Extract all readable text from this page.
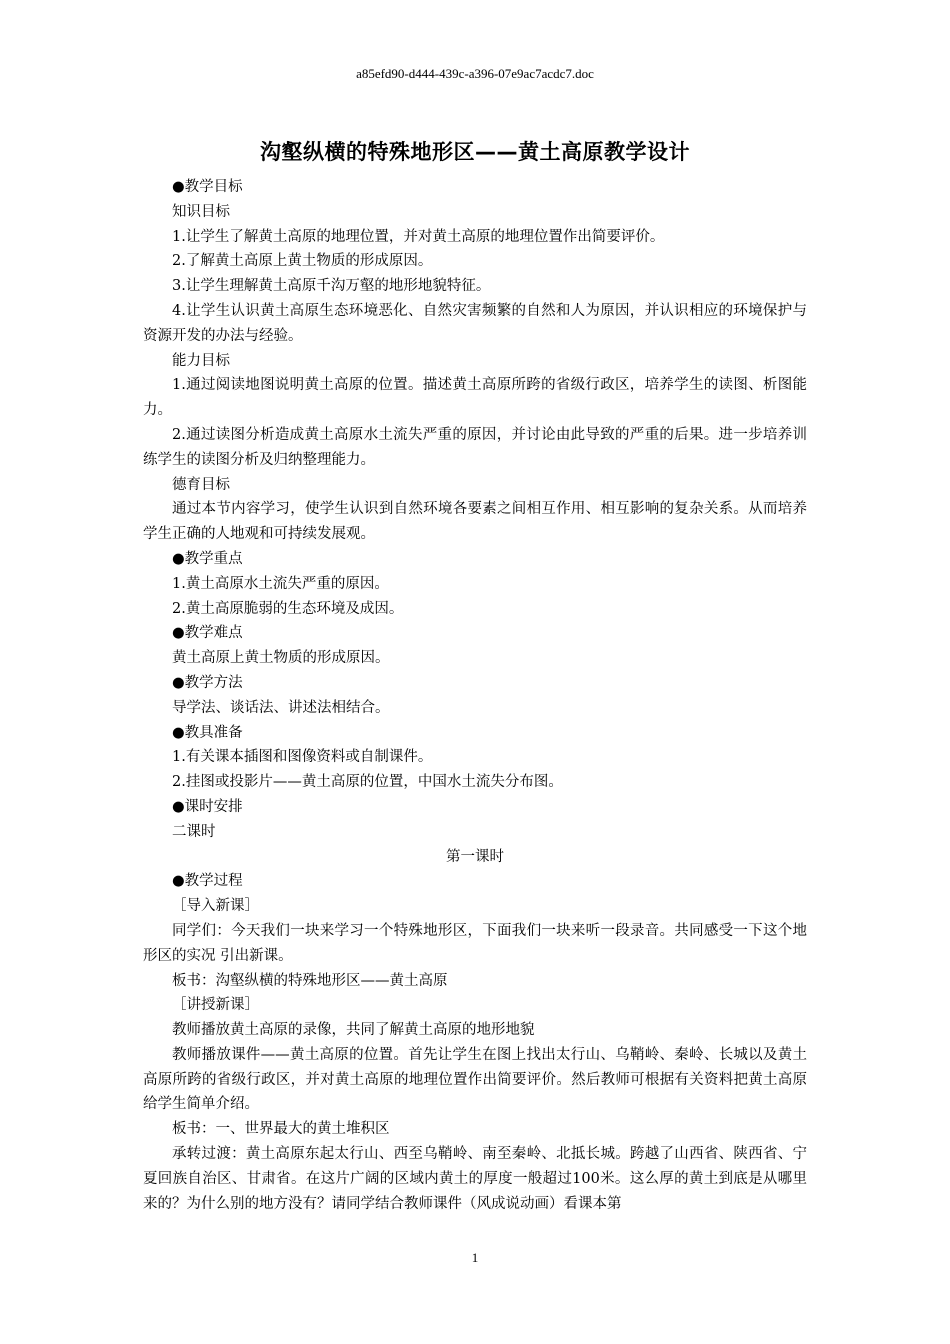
a85efd90-d444-439c-a396-07e9ac7acdc7.doc
沟壑纵横的特殊地形区——黄土高原教学设计

●教学目标

知识目标

1.让学生了解黄土高原的地理位置，并对黄土高原的地理位置作出简要评价。

2.了解黄土高原上黄土物质的形成原因。

3.让学生理解黄土高原千沟万壑的地形地貌特征。

4.让学生认识黄土高原生态环境恶化、自然灾害频繁的自然和人为原因，并认识相应的环境保护与资源开发的办法与经验。

能力目标

1.通过阅读地图说明黄土高原的位置。描述黄土高原所跨的省级行政区，培养学生的读图、析图能力。

2.通过读图分析造成黄土高原水土流失严重的原因，并讨论由此导致的严重的后果。进一步培养训练学生的读图分析及归纳整理能力。

德育目标

通过本节内容学习，使学生认识到自然环境各要素之间相互作用、相互影响的复杂关系。从而培养学生正确的人地观和可持续发展观。

●教学重点

1.黄土高原水土流失严重的原因。

2.黄土高原脆弱的生态环境及成因。

●教学难点

黄土高原上黄土物质的形成原因。

●教学方法

导学法、谈话法、讲述法相结合。

●教具准备

1.有关课本插图和图像资料或自制课件。

2.挂图或投影片——黄土高原的位置，中国水土流失分布图。

●课时安排

二课时

第一课时

●教学过程

［导入新课］

同学们：今天我们一块来学习一个特殊地形区，下面我们一块来听一段录音。共同感受一下这个地形区的实况 引出新课。

板书：沟壑纵横的特殊地形区——黄土高原

［讲授新课］

教师播放黄土高原的录像，共同了解黄土高原的地形地貌

教师播放课件——黄土高原的位置。首先让学生在图上找出太行山、乌鞘岭、秦岭、长城以及黄土高原所跨的省级行政区，并对黄土高原的地理位置作出简要评价。然后教师可根据有关资料把黄土高原给学生简单介绍。

板书：一、世界最大的黄土堆积区

承转过渡：黄土高原东起太行山、西至乌鞘岭、南至秦岭、北抵长城。跨越了山西省、陕西省、宁夏回族自治区、甘肃省。在这片广阔的区域内黄土的厚度一般超过100米。这么厚的黄土到底是从哪里来的？为什么别的地方没有？请同学结合教师课件（风成说动画）看课本第

1
